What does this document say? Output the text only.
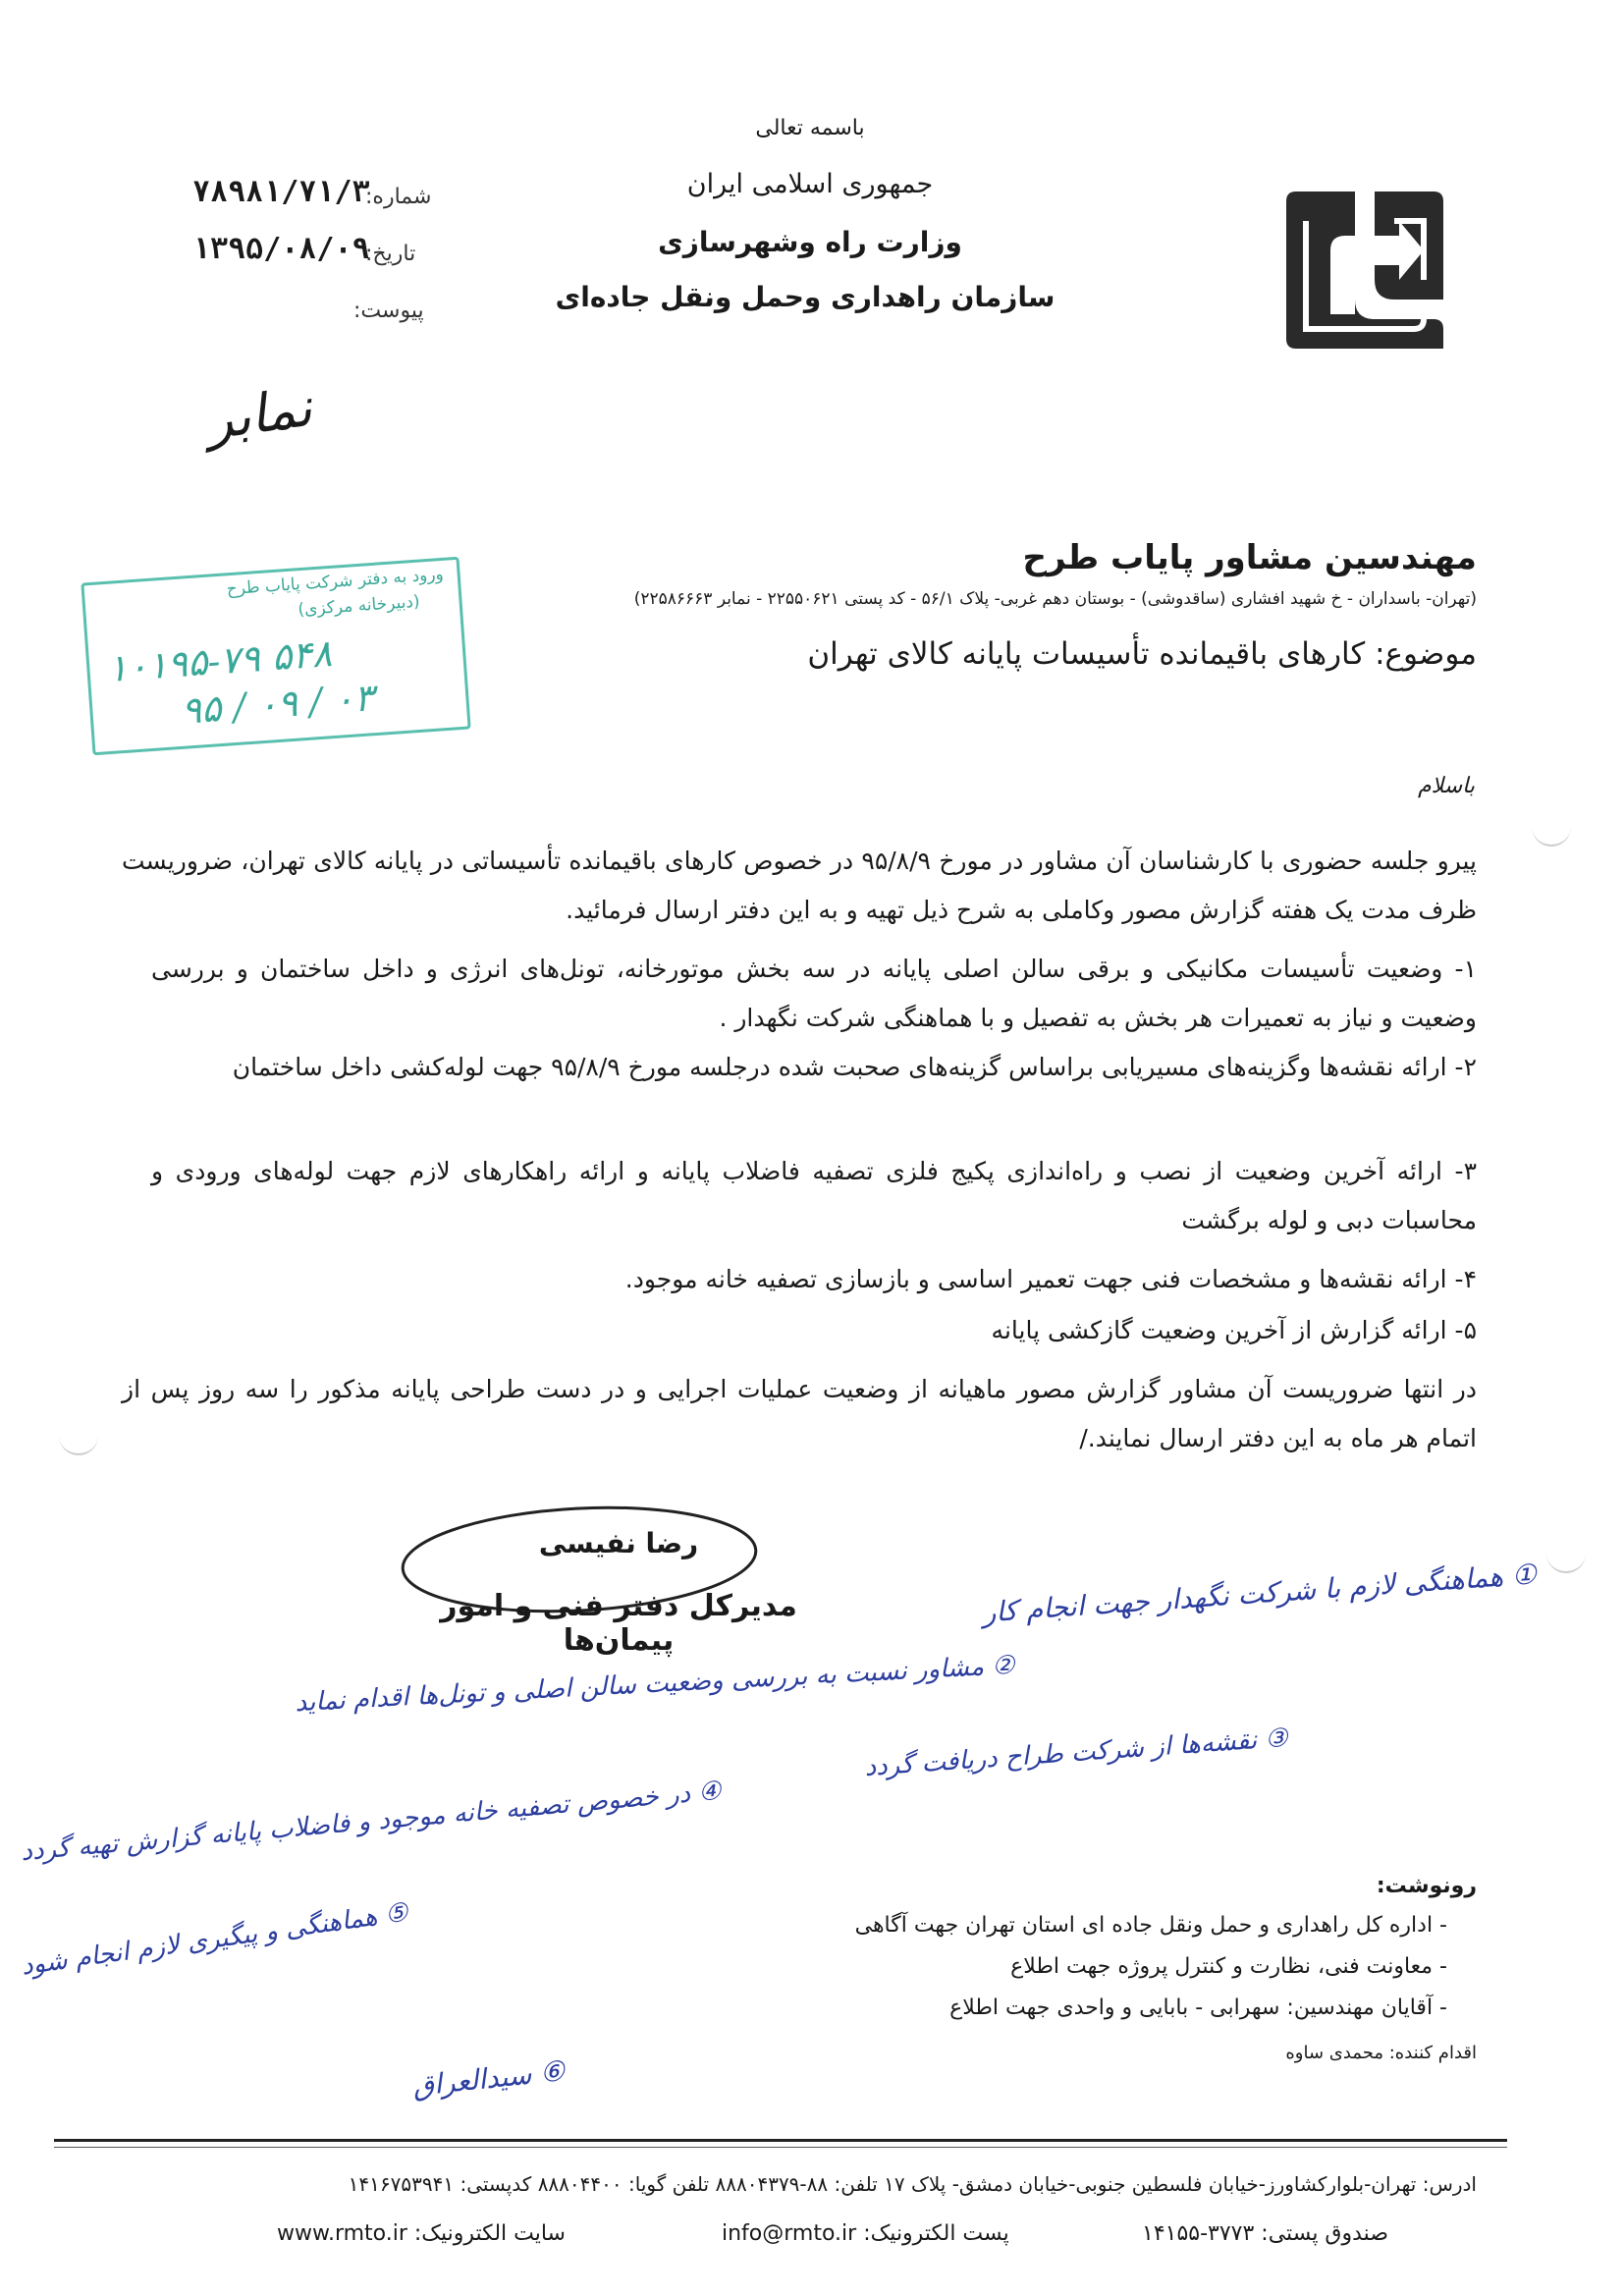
باسمه تعالی
جمهوری اسلامی ایران
وزارت راه وشهرسازی
سازمان راهداری وحمل ونقل جاده‌ای
شماره:
۷۸۹۸۱/۷۱/۳
تاریخ:
۱۳۹۵/۰۸/۰۹
پیوست:
نمابر
ورود به دفتر شرکت پایاب طرح
(دبیرخانه مرکزی)
۱۰۱۹۵-۷۹ ۵۴۸
۹۵ / ۰۹ / ۰۳
مهندسین مشاور پایاب طرح
(تهران- باسداران - خ شهید افشاری (ساقدوشی) - بوستان دهم غربی- پلاک ۵۶/۱ - کد پستی ۲۲۵۵۰۶۲۱ - نمابر ۲۲۵۸۶۶۶۳)
موضوع: کارهای باقیمانده تأسیسات پایانه کالای تهران
باسلام
پیرو جلسه حضوری با کارشناسان آن مشاور در مورخ ۹۵/۸/۹ در خصوص کارهای باقیمانده تأسیساتی در پایانه کالای تهران، ضروریست ظرف مدت یک هفته گزارش مصور وکاملی به شرح ذیل تهیه و به این دفتر ارسال فرمائید.
۱- وضعیت تأسیسات مکانیکی و برقی سالن اصلی پایانه در سه بخش موتورخانه، تونل‌های انرژی و داخل ساختمان و بررسی وضعیت و نیاز به تعمیرات هر بخش به تفصیل و با هماهنگی شرکت نگهدار .
۲- ارائه نقشه‌ها وگزینه‌های مسیریابی براساس گزینه‌های صحبت شده درجلسه مورخ ۹۵/۸/۹ جهت لوله‌کشی داخل ساختمان
۳- ارائه آخرین وضعیت از نصب و راه‌اندازی پکیج فلزی تصفیه فاضلاب پایانه و ارائه راهکارهای لازم جهت لوله‌های ورودی و محاسبات دبی و لوله برگشت
۴- ارائه نقشه‌ها و مشخصات فنی جهت تعمیر اساسی و بازسازی تصفیه خانه موجود.
۵- ارائه گزارش از آخرین وضعیت گازکشی پایانه
در انتها ضروریست آن مشاور گزارش مصور ماهیانه از وضعیت عملیات اجرایی و در دست طراحی پایانه مذکور را سه روز پس از اتمام هر ماه به این دفتر ارسال نمایند./
رضا نفیسی
مدیرکل دفتر فنی و امور پیمان‌ها
① هماهنگی لازم با شرکت نگهدار جهت انجام کار
② مشاور نسبت به بررسی وضعیت سالن اصلی و تونل‌ها اقدام نماید
③ نقشه‌ها از شرکت طراح دریافت گردد
④ در خصوص تصفیه خانه موجود و فاضلاب پایانه گزارش تهیه گردد
⑤ هماهنگی و پیگیری لازم انجام شود
⑥ سیدالعراق
رونوشت:
- اداره کل راهداری و حمل ونقل جاده ای استان تهران جهت آگاهی
- معاونت فنی، نظارت و کنترل پروژه جهت اطلاع
- آقایان مهندسین: سهرابی - بابایی و واحدی جهت اطلاع
اقدام کننده: محمدی ساوه
ادرس: تهران-بلوارکشاورز-خیابان فلسطین جنوبی-خیابان دمشق- پلاک ۱۷ تلفن: ۸۸-۸۸۸۰۴۳۷۹ تلفن گویا: ۸۸۸۰۴۴۰۰ کدپستی: ۱۴۱۶۷۵۳۹۴۱
صندوق پستی: ۳۷۷۳-۱۴۱۵۵
پست الکترونیک: info@rmto.ir
سایت الکترونیک: www.rmto.ir
